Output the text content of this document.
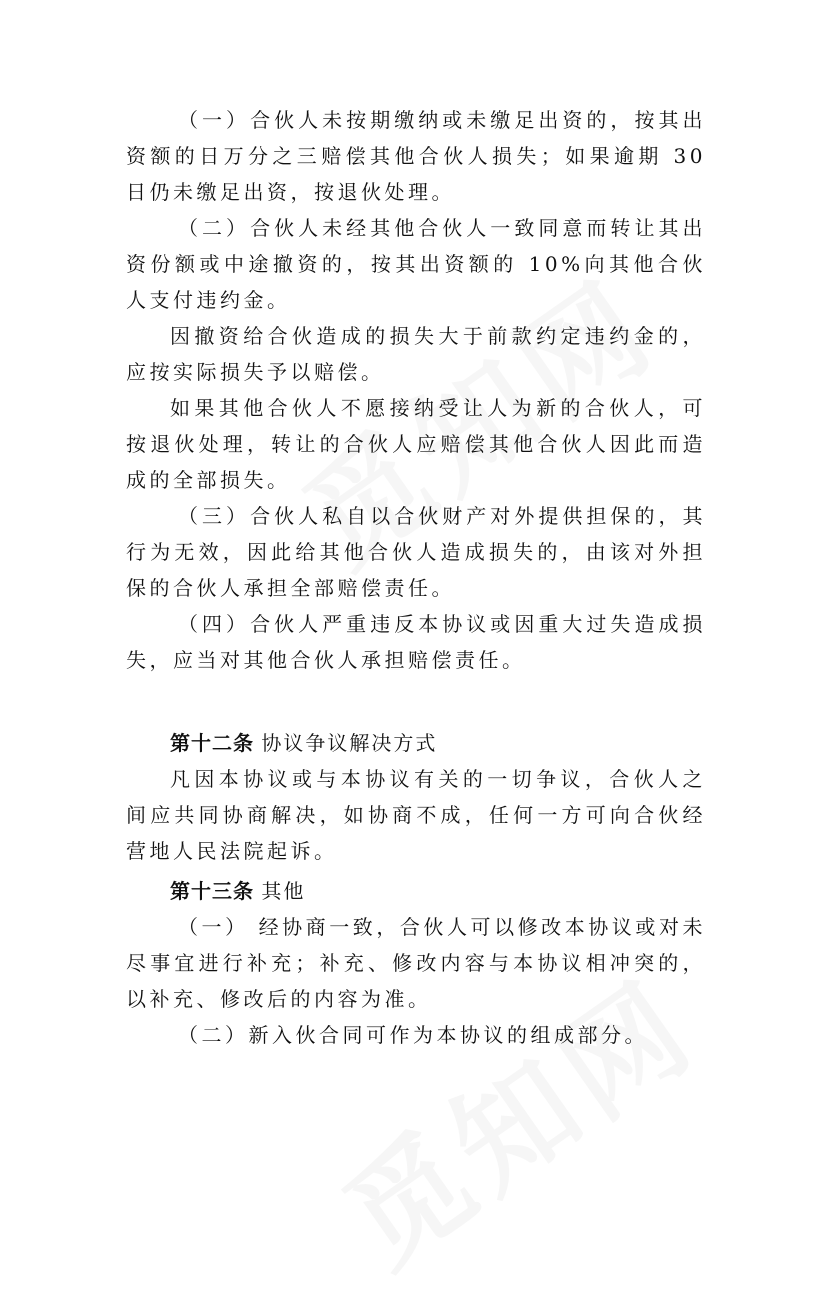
（一）合伙人未按期缴纳或未缴足出资的，按其出资额的日万分之三赔偿其他合伙人损失；如果逾期 30 日仍未缴足出资，按退伙处理。

（二）合伙人未经其他合伙人一致同意而转让其出资份额或中途撤资的，按其出资额的 10%向其他合伙人支付违约金。

因撤资给合伙造成的损失大于前款约定违约金的，应按实际损失予以赔偿。

如果其他合伙人不愿接纳受让人为新的合伙人，可按退伙处理，转让的合伙人应赔偿其他合伙人因此而造成的全部损失。

（三）合伙人私自以合伙财产对外提供担保的，其行为无效，因此给其他合伙人造成损失的，由该对外担保的合伙人承担全部赔偿责任。

（四）合伙人严重违反本协议或因重大过失造成损失，应当对其他合伙人承担赔偿责任。

第十二条 协议争议解决方式

凡因本协议或与本协议有关的一切争议，合伙人之间应共同协商解决，如协商不成，任何一方可向合伙经营地人民法院起诉。

第十三条 其他

（一） 经协商一致，合伙人可以修改本协议或对未尽事宜进行补充；补充、修改内容与本协议相冲突的，以补充、修改后的内容为准。

（二）新入伙合同可作为本协议的组成部分。
